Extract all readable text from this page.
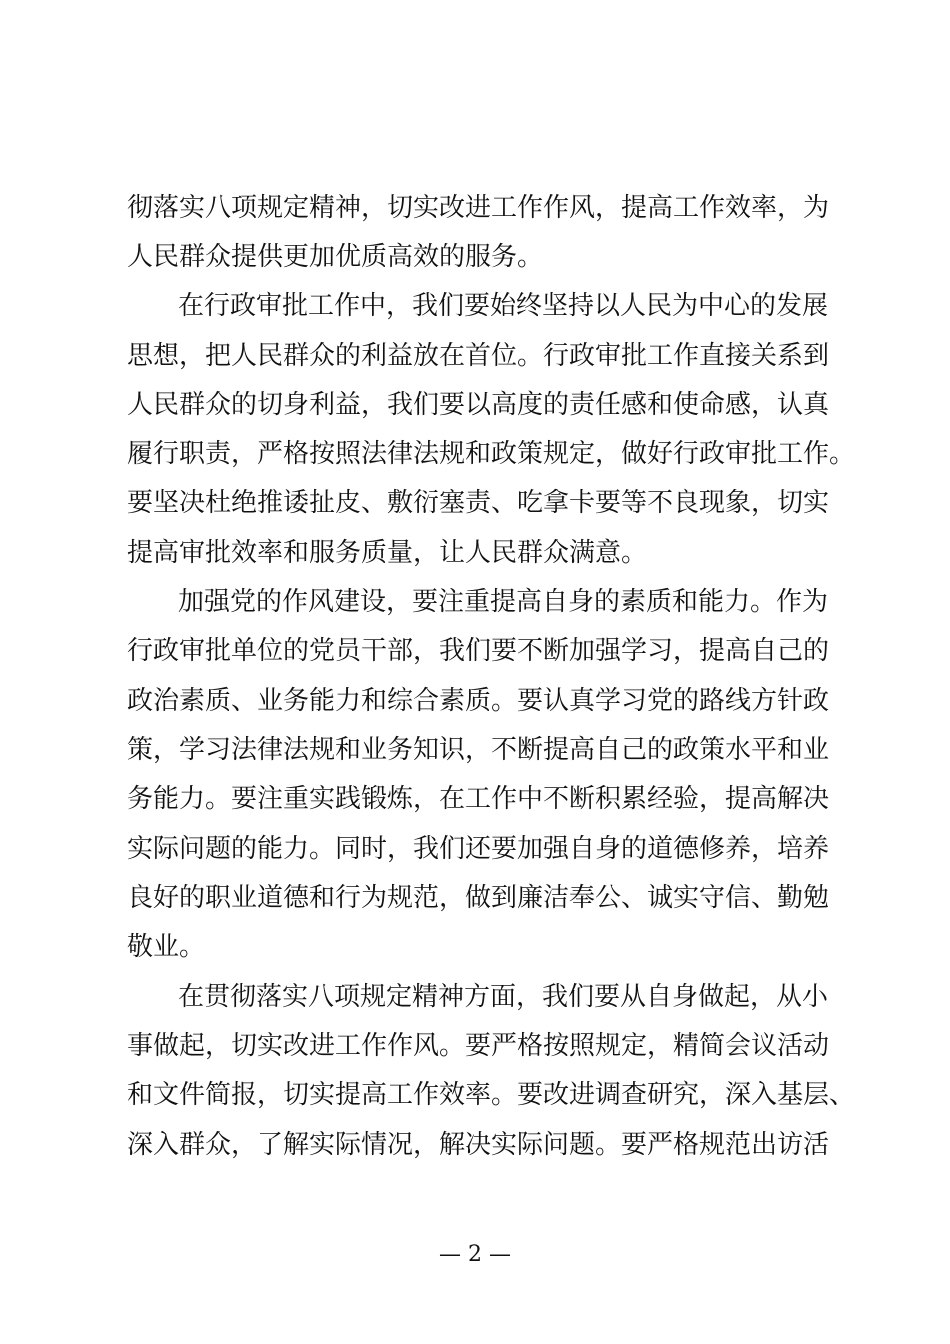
彻落实八项规定精神，切实改进工作作风，提高工作效率，为
人民群众提供更加优质高效的服务。
在行政审批工作中，我们要始终坚持以人民为中心的发展
思想，把人民群众的利益放在首位。行政审批工作直接关系到
人民群众的切身利益，我们要以高度的责任感和使命感，认真
履行职责，严格按照法律法规和政策规定，做好行政审批工作。
要坚决杜绝推诿扯皮、敷衍塞责、吃拿卡要等不良现象，切实
提高审批效率和服务质量，让人民群众满意。
加强党的作风建设，要注重提高自身的素质和能力。作为
行政审批单位的党员干部，我们要不断加强学习，提高自己的
政治素质、业务能力和综合素质。要认真学习党的路线方针政
策，学习法律法规和业务知识，不断提高自己的政策水平和业
务能力。要注重实践锻炼，在工作中不断积累经验，提高解决
实际问题的能力。同时，我们还要加强自身的道德修养，培养
良好的职业道德和行为规范，做到廉洁奉公、诚实守信、勤勉
敬业。
在贯彻落实八项规定精神方面，我们要从自身做起，从小
事做起，切实改进工作作风。要严格按照规定，精简会议活动
和文件简报，切实提高工作效率。要改进调查研究，深入基层、
深入群众，了解实际情况，解决实际问题。要严格规范出访活
— 2 —
